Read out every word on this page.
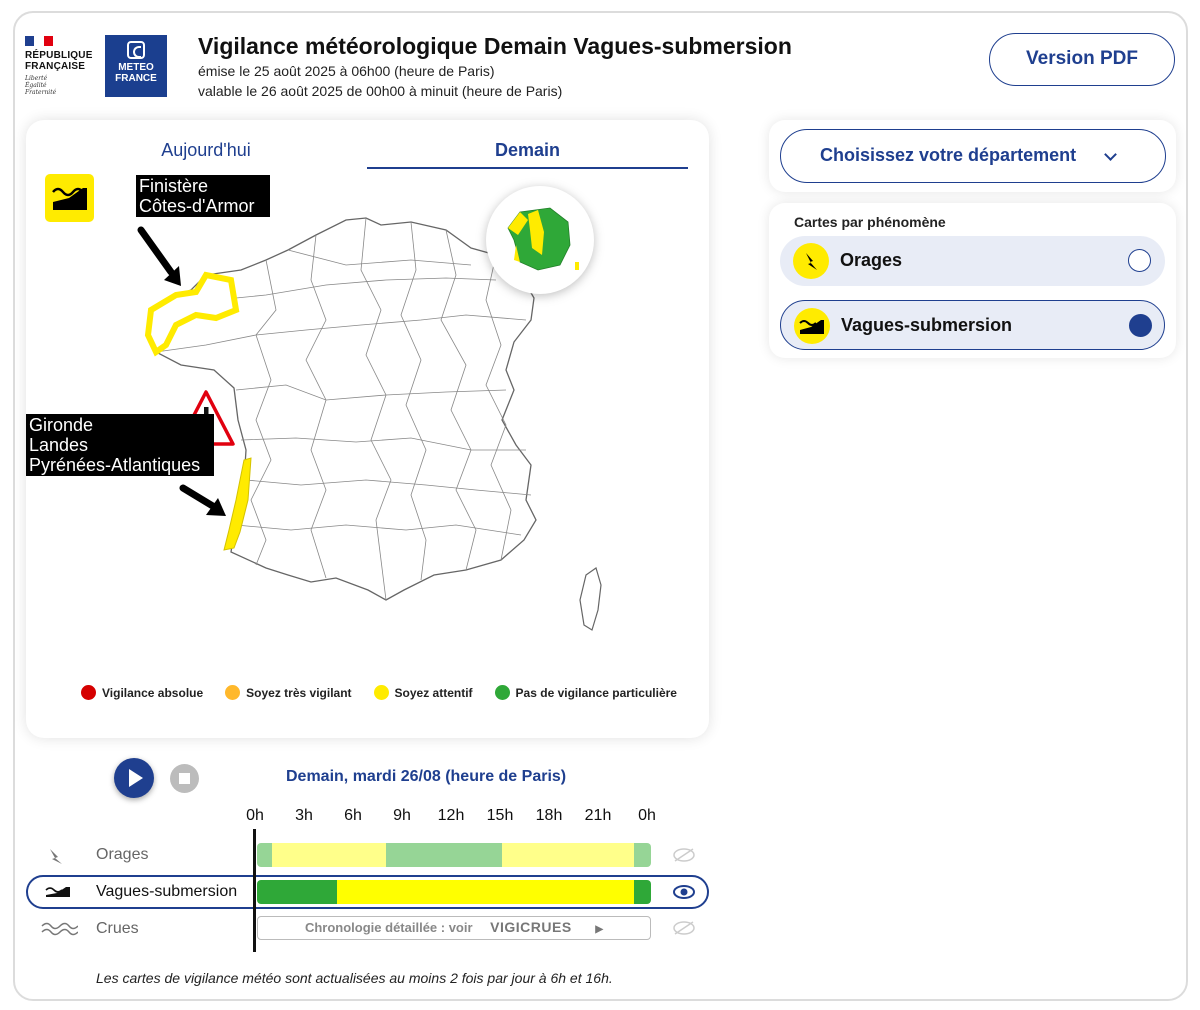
RÉPUBLIQUE
FRANÇAISE
Liberté
Égalité
Fraternité
METEO
FRANCE
Vigilance météorologique Demain Vagues-submersion
émise le 25 août 2025 à 06h00 (heure de Paris)
valable le 26 août 2025 de 00h00 à minuit (heure de Paris)
Version PDF
Aujourd'hui	Demain
Finistère
Côtes-d'Armor
Gironde
Landes
Pyrénées-Atlantiques
Vigilance absolue	Soyez très vigilant	Soyez attentif	Pas de vigilance particulière
Choisissez votre département
Cartes par phénomène
Orages
Vagues-submersion
Demain, mardi 26/08 (heure de Paris)
0h	3h	6h	9h	12h	15h	18h	21h	0h
Orages
Vagues-submersion
Crues	Chronologie détaillée : voir VIGICRUES ▶
Les cartes de vigilance météo sont actualisées au moins 2 fois par jour à 6h et 16h.
